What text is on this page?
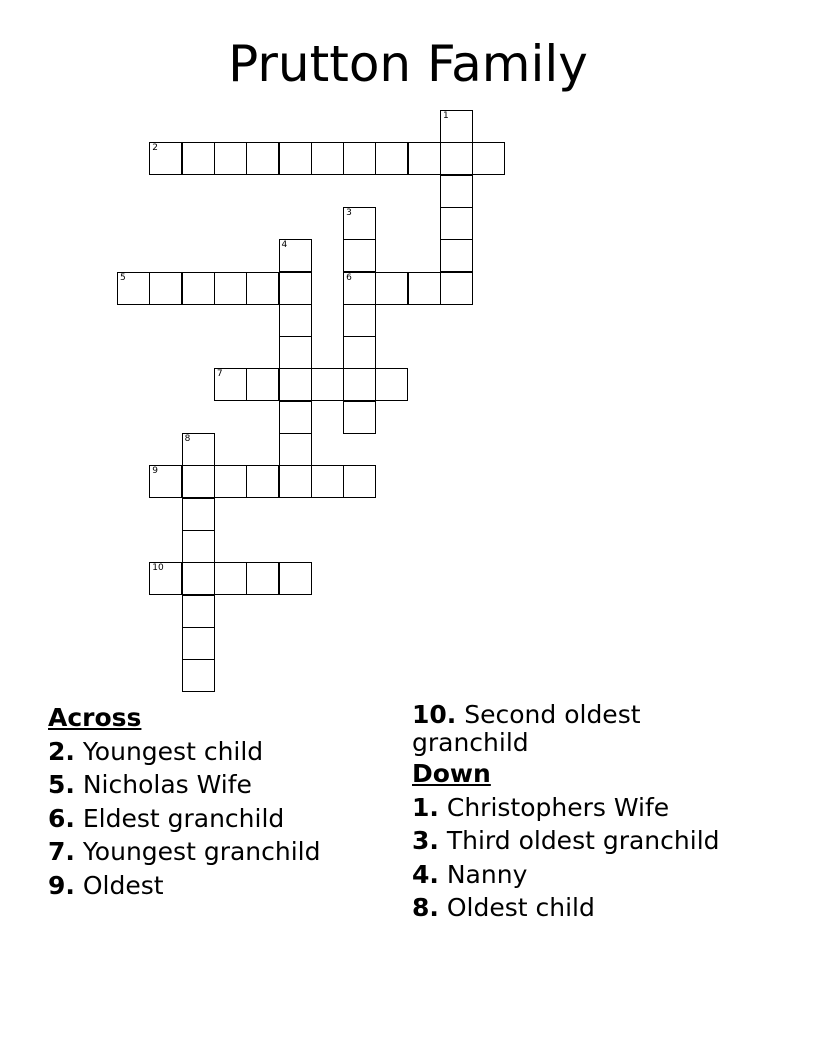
Prutton Family
1
2
3
6
4
5
7
8
9
10
Across
2. Youngest child
5. Nicholas Wife
6. Eldest granchild
7. Youngest granchild
9. Oldest
10. Second oldest granchild
Down
1. Christophers Wife
3. Third oldest granchild
4. Nanny
8. Oldest child
